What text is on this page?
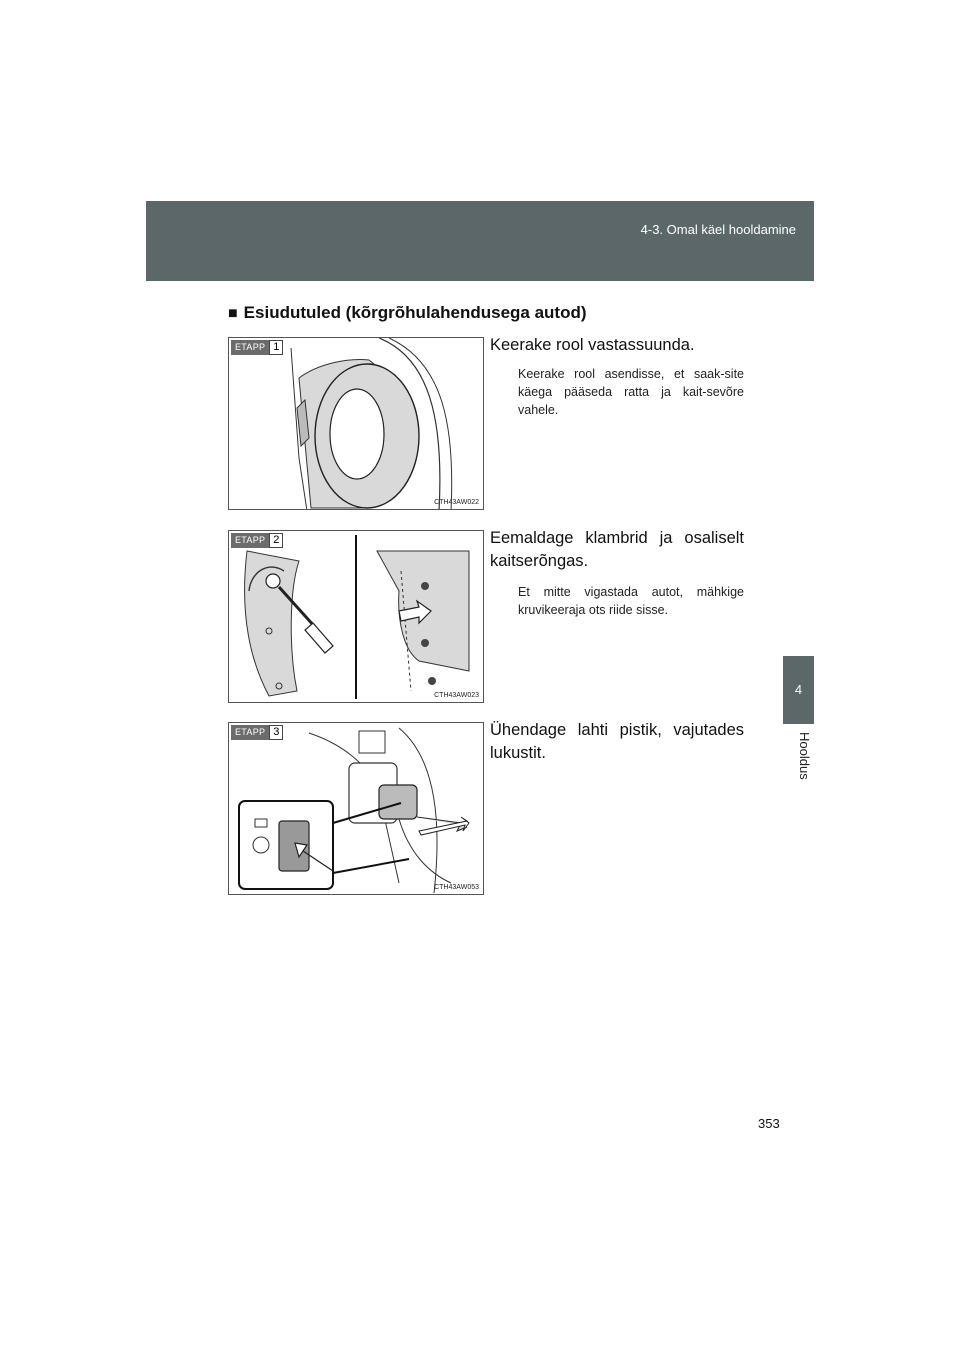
4-3. Omal käel hooldamine
4
Hooldus
■ Esiudutuled (kõrgrõhulahendusega autod)
ETAPP 1
CTH43AW022
ETAPP 2
CTH43AW023
ETAPP 3
CTH43AW053
Keerake rool vastassuunda.
Keerake rool asendisse, et saak-site käega pääseda ratta ja kait-sevõre vahele.
Eemaldage klambrid ja osaliselt kaitserõngas.
Et mitte vigastada autot, mähkige kruvikeeraja ots riide sisse.
Ühendage lahti pistik, vajutades lukustit.
353
